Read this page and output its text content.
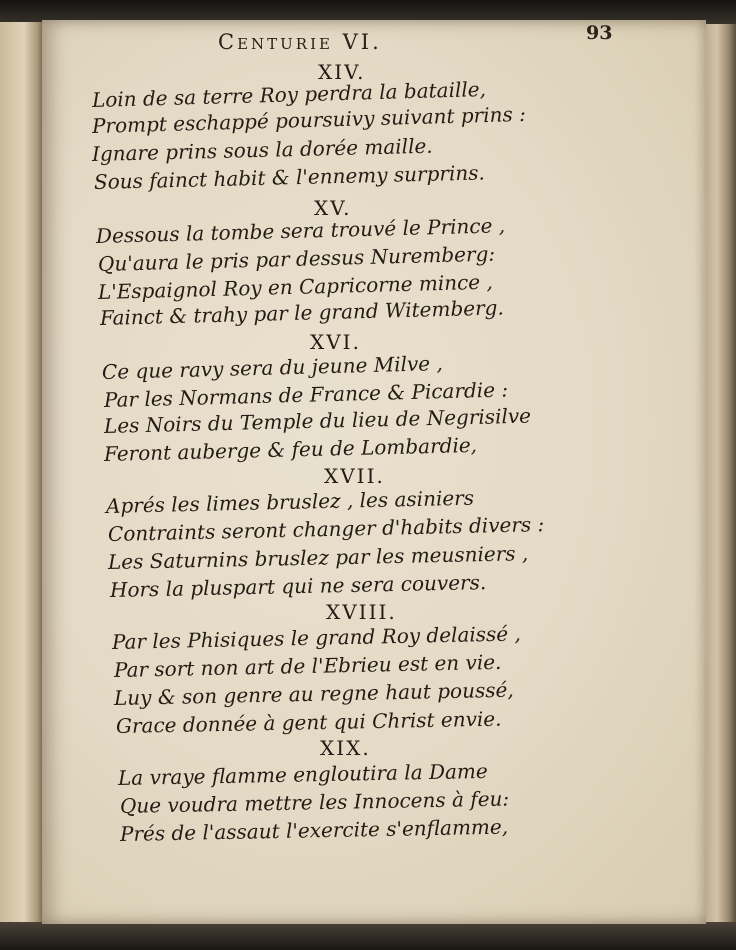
Centurie VI.	93
XIV.
Loin de sa terre Roy perdra la bataille,
Prompt eschappé poursuivy suivant prins :
Ignare prins sous la dorée maille.
Sous fainct habit & l'ennemy surprins.
XV.
Dessous la tombe sera trouvé le Prince ,
Qu'aura le pris par dessus Nuremberg:
L'Espaignol Roy en Capricorne mince ,
Fainct & trahy par le grand Witemberg.
XVI.
Ce que ravy sera du jeune Milve ,
Par les Normans de France & Picardie :
Les Noirs du Temple du lieu de Negrisilve
Feront auberge & feu de Lombardie,
XVII.
Aprés les limes bruslez , les asiniers
Contraints seront changer d'habits divers :
Les Saturnins bruslez par les meusniers ,
Hors la pluspart qui ne sera couvers.
XVIII.
Par les Phisiques le grand Roy delaissé ,
Par sort non art de l'Ebrieu est en vie.
Luy & son genre au regne haut poussé,
Grace donnée à gent qui Christ envie.
XIX.
La vraye flamme engloutira la Dame
Que voudra mettre les Innocens à feu:
Prés de l'assaut l'exercite s'enflamme,
